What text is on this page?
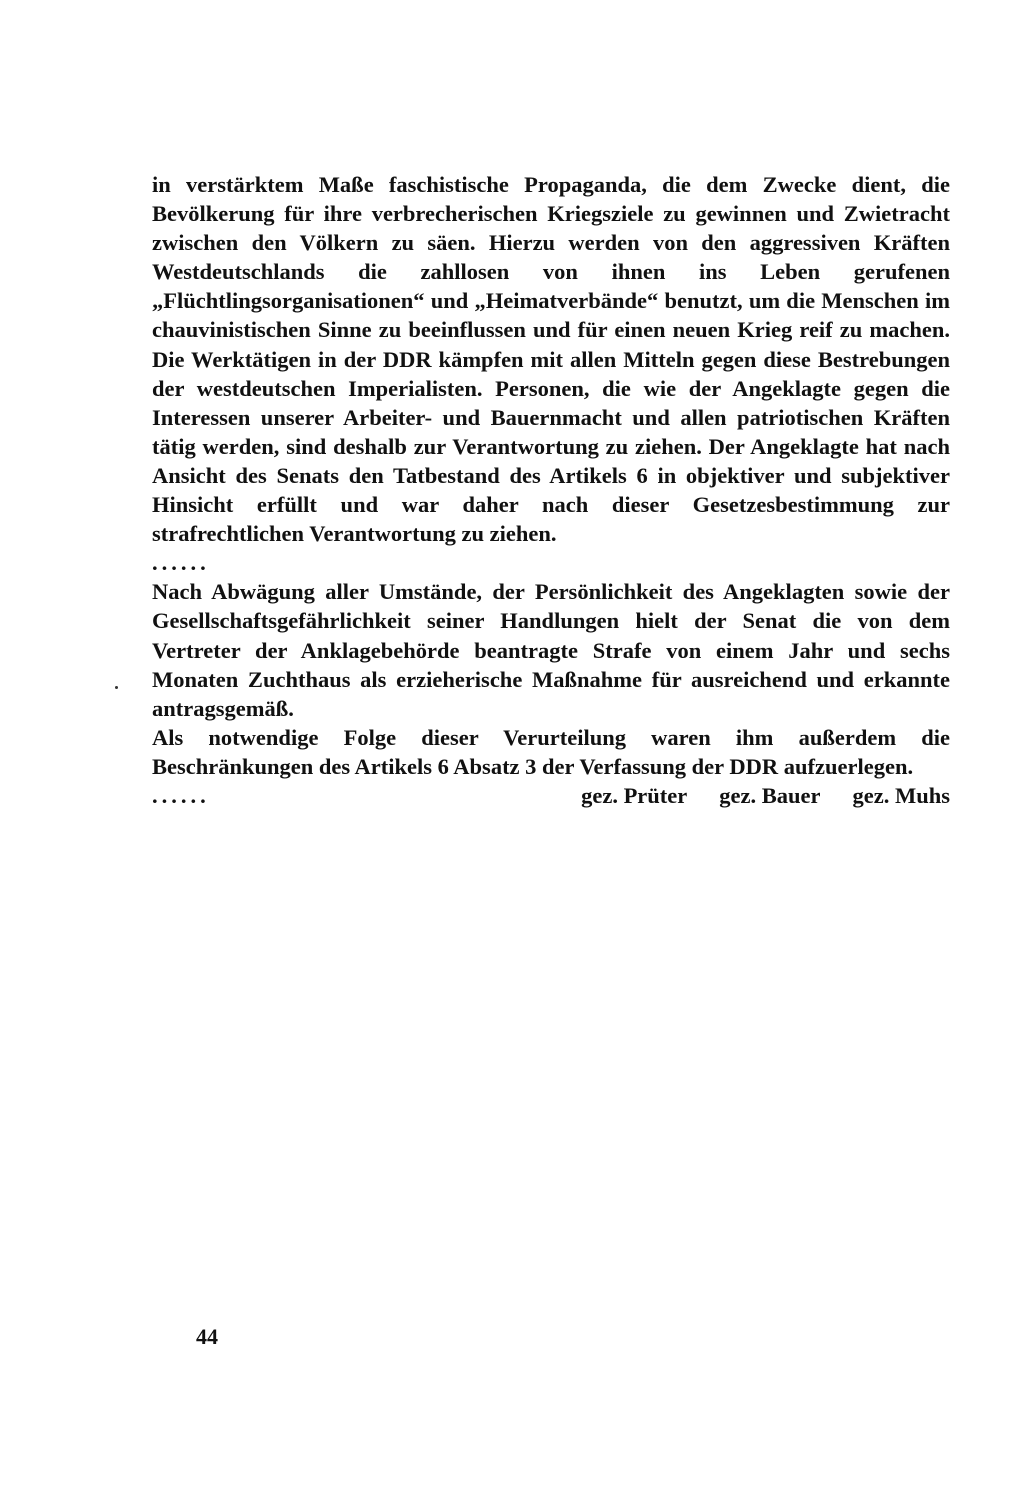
in verstärktem Maße faschistische Propaganda, die dem Zwecke dient, die Bevölkerung für ihre verbrecherischen Kriegsziele zu gewinnen und Zwietracht zwischen den Völkern zu säen. Hierzu werden von den aggressiven Kräften Westdeutschlands die zahllosen von ihnen ins Leben gerufenen „Flüchtlingsorganisationen“ und „Heimatverbände“ benutzt, um die Menschen im chauvinistischen Sinne zu beeinflussen und für einen neuen Krieg reif zu machen. Die Werktätigen in der DDR kämpfen mit allen Mitteln gegen diese Bestrebungen der westdeutschen Imperialisten. Personen, die wie der Angeklagte gegen die Interessen unserer Arbeiter- und Bauernmacht und allen patriotischen Kräften tätig werden, sind deshalb zur Verantwortung zu ziehen. Der Angeklagte hat nach Ansicht des Senats den Tatbestand des Artikels 6 in objektiver und subjektiver Hinsicht erfüllt und war daher nach dieser Gesetzesbestimmung zur strafrechtlichen Verantwortung zu ziehen.

......

Nach Abwägung aller Umstände, der Persönlichkeit des Angeklagten sowie der Gesellschaftsgefährlichkeit seiner Handlungen hielt der Senat die von dem Vertreter der Anklagebehörde beantragte Strafe von einem Jahr und sechs Monaten Zuchthaus als erzieherische Maßnahme für ausreichend und erkannte antragsgemäß.

Als notwendige Folge dieser Verurteilung waren ihm außerdem die Beschränkungen des Artikels 6 Absatz 3 der Verfassung der DDR aufzuerlegen.

......	gez. Prüter gez. Bauer gez. Muhs
44
